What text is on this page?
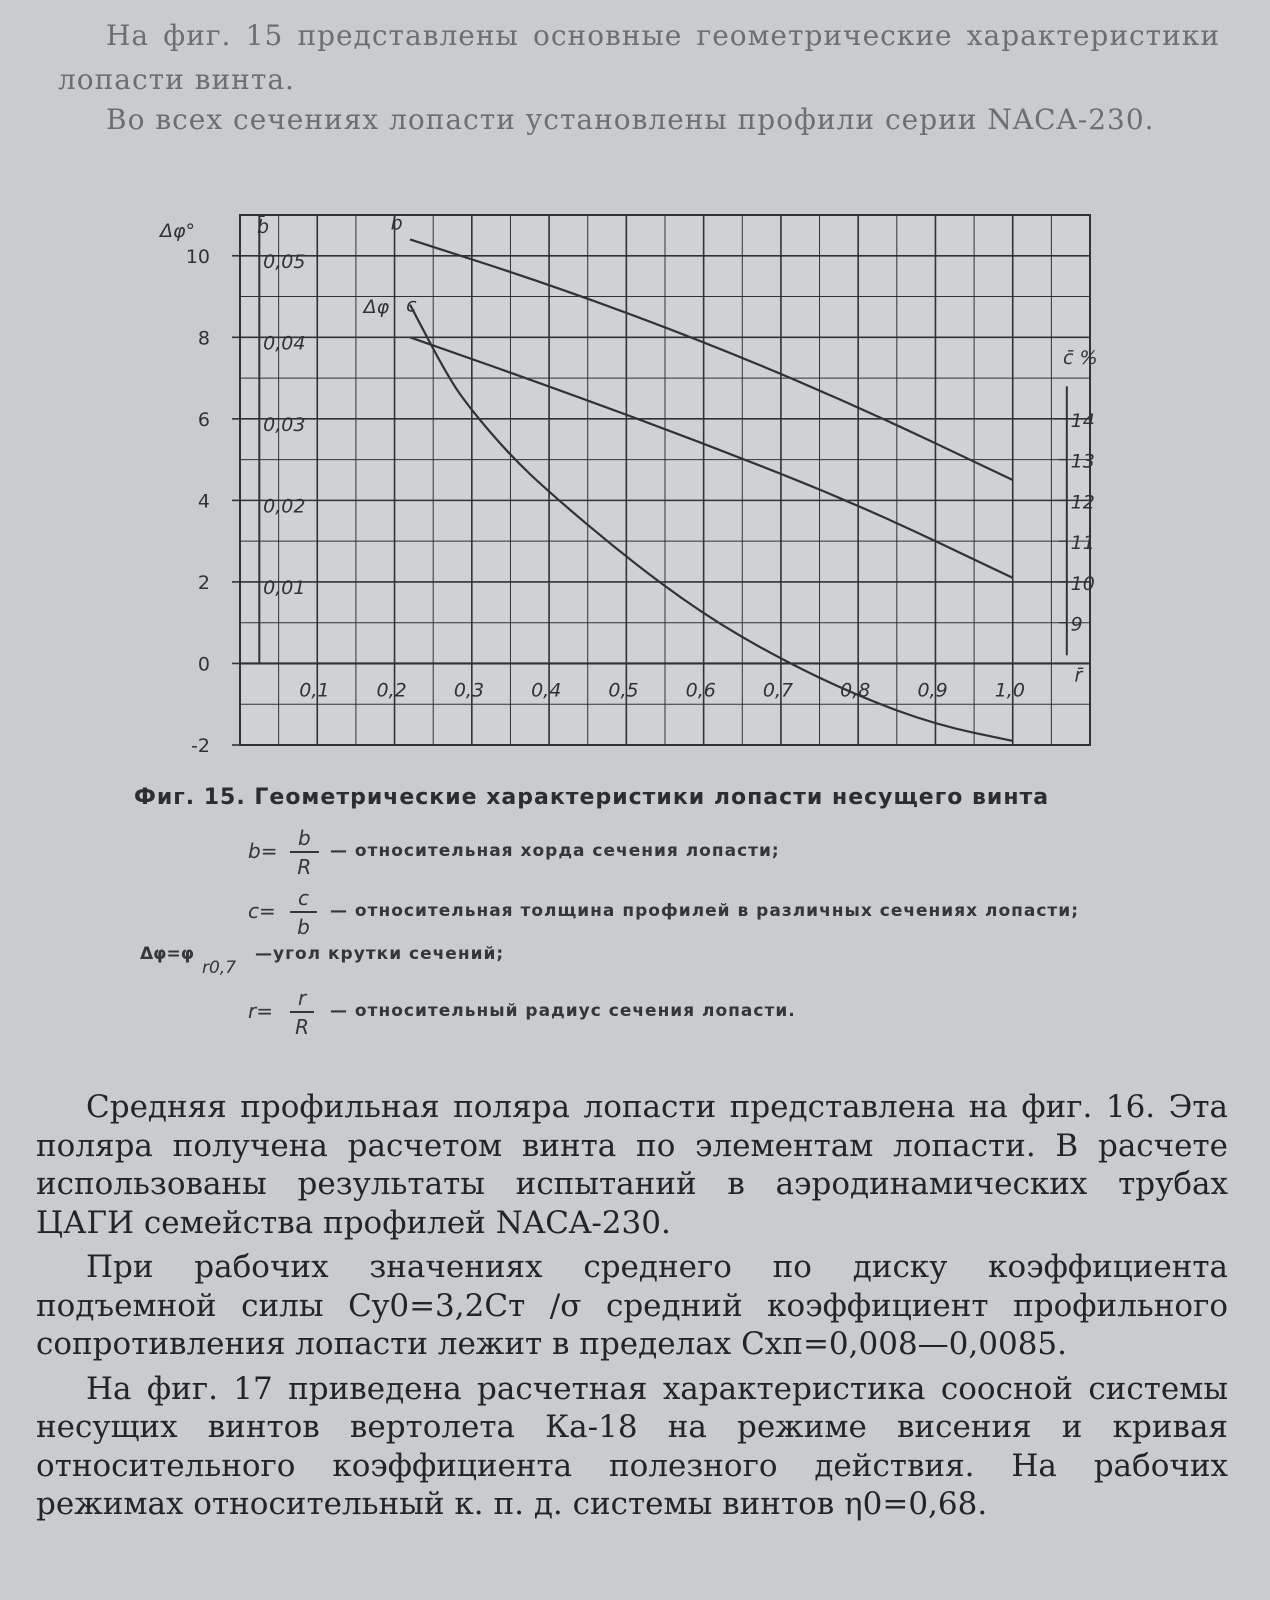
На фиг. 15 представлены основные геометрические характеристики лопасти винта.

Во всех сечениях лопасти установлены профили серии NACA-230.

0,1 0,2 0,3 0,4 0,5 0,6 0,7 0,8 0,9 1,0
r̄
10
8
6
4
2
0
-2
Δφ°
0,05
0,04
0,03
0,02
0,01
b̄
14
13
12
11
10
9
c̄ %
b
Δφ c

Фиг. 15. Геометрические характеристики лопасти несущего винта

$b= \frac{b}{R}$ — относительная хорда сечения лопасти;
$c= \frac{c}{b}$ — относительная толщина профилей в различных сечениях лопасти;
Δφ=φ
r0,7
—угол крутки сечений;
$r= \frac{r}{R}$ — относительный радиус сечения лопасти.

Средняя профильная поляра лопасти представлена на фиг. 16. Эта поляра получена расчетом винта по элементам лопасти. В расчете использованы результаты испытаний в аэродинамических трубах ЦАГИ семейства профилей NACA-230.

При рабочих значениях среднего по диску коэффициента подъемной силы Cy0=3,2Cт /σ средний коэффициент профильного сопротивления лопасти лежит в пределах Cxп=0,008—0,0085.

На фиг. 17 приведена расчетная характеристика соосной системы несущих винтов вертолета Ка-18 на режиме висения и кривая относительного коэффициента полезного действия. На рабочих режимах относительный к. п. д. системы винтов η0=0,68.
